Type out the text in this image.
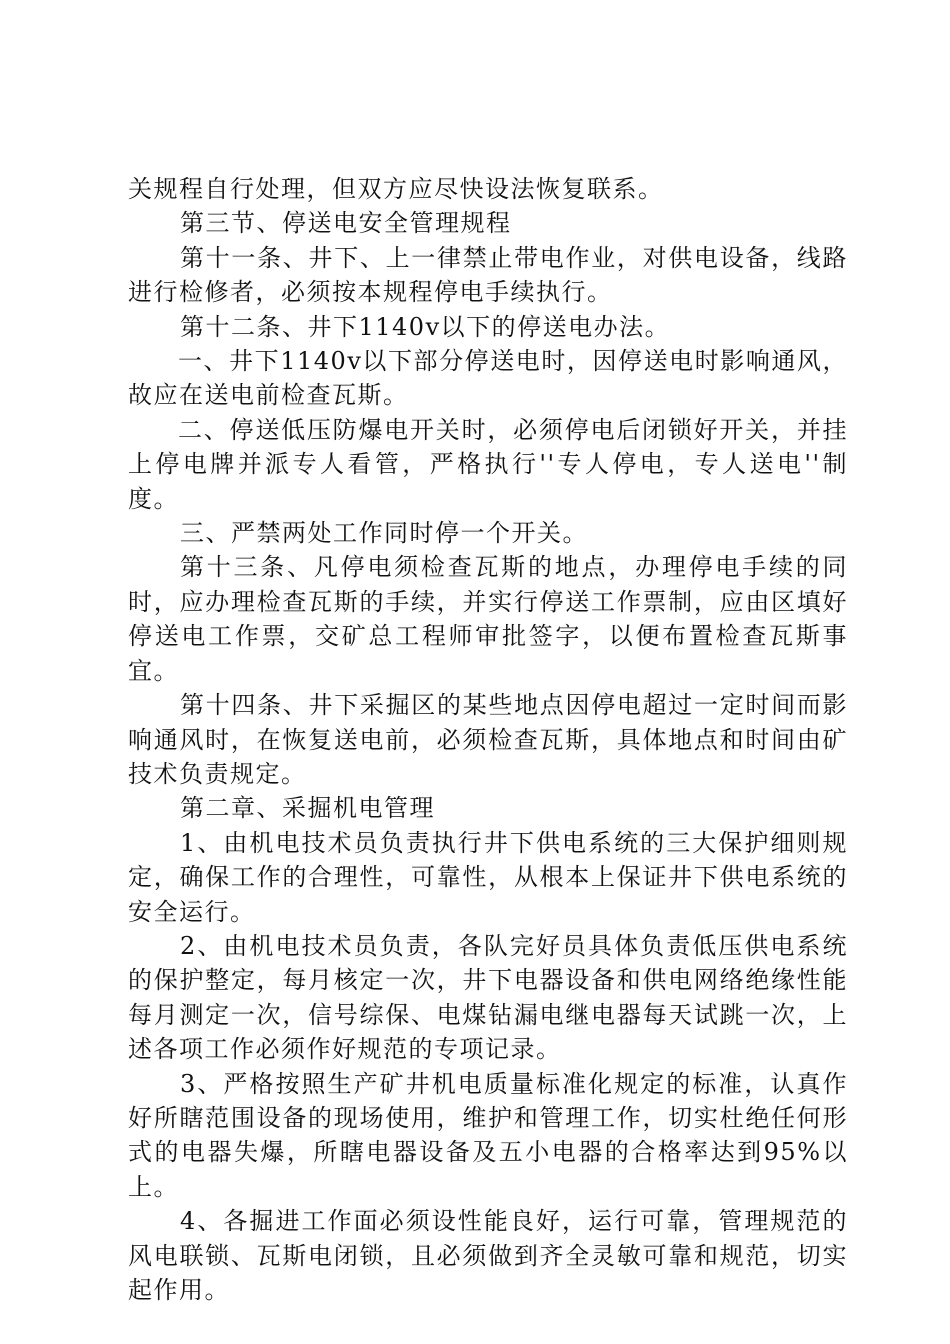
关规程自行处理，但双方应尽快设法恢复联系。

第三节、停送电安全管理规程

第十一条、井下、上一律禁止带电作业，对供电设备，线路进行检修者，必须按本规程停电手续执行。

第十二条、井下1140v以下的停送电办法。

一、井下1140v以下部分停送电时，因停送电时影响通风，故应在送电前检查瓦斯。

二、停送低压防爆电开关时，必须停电后闭锁好开关，并挂上停电牌并派专人看管，严格执行''专人停电，专人送电''制度。

三、严禁两处工作同时停一个开关。

第十三条、凡停电须检查瓦斯的地点，办理停电手续的同时，应办理检查瓦斯的手续，并实行停送工作票制，应由区填好停送电工作票，交矿总工程师审批签字，以便布置检查瓦斯事宜。

第十四条、井下采掘区的某些地点因停电超过一定时间而影响通风时，在恢复送电前，必须检查瓦斯，具体地点和时间由矿技术负责规定。

第二章、采掘机电管理

1、由机电技术员负责执行井下供电系统的三大保护细则规定，确保工作的合理性，可靠性，从根本上保证井下供电系统的安全运行。

2、由机电技术员负责，各队完好员具体负责低压供电系统的保护整定，每月核定一次，井下电器设备和供电网络绝缘性能每月测定一次，信号综保、电煤钻漏电继电器每天试跳一次，上述各项工作必须作好规范的专项记录。

3、严格按照生产矿井机电质量标准化规定的标准，认真作好所瞎范围设备的现场使用，维护和管理工作，切实杜绝任何形式的电器失爆，所瞎电器设备及五小电器的合格率达到95%以上。

4、各掘进工作面必须设性能良好，运行可靠，管理规范的风电联锁、瓦斯电闭锁，且必须做到齐全灵敏可靠和规范，切实起作用。
